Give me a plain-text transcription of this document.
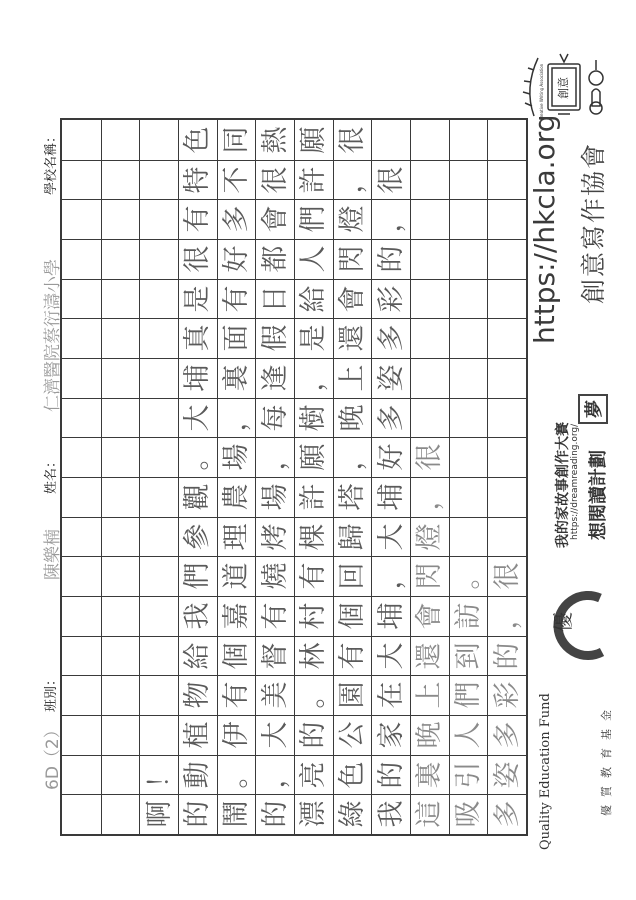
創意
Creative Writing Association
創意寫作協會
https://hkcla.org
夢
想閱讀計劃
https://dreamreading.org/
我的家故事創作大賽
優
優質教育基金
Quality Education Fund
多
姿
多
彩
的
，
很
吸
引
人
們
到
訪
。
這
裏
晚
上
還
會
閃
燈
，
很
我
的
家
在
大
埔
，
大
埔
好
多
姿
多
彩
的
，
很
綠
色
公
園
有
個
回
歸
塔
，
晚
上
還
會
閃
燈
，
很
漂
亮
的
。
林
村
有
棵
許
願
樹
，
是
給
人
們
許
願
的
，
大
美
督
有
燒
烤
場
，
每
逢
假
日
都
會
很
熱
鬧
。
伊
有
個
嘉
道
理
農
場
，
裏
面
有
好
多
不
同
的
動
植
物
給
我
們
參
觀
。
大
埔
真
是
很
有
特
色
啊
！
學校名稱：
仁濟醫院蔡衍濤小學
姓名：
陳樂楠
班別：
6D（2）
